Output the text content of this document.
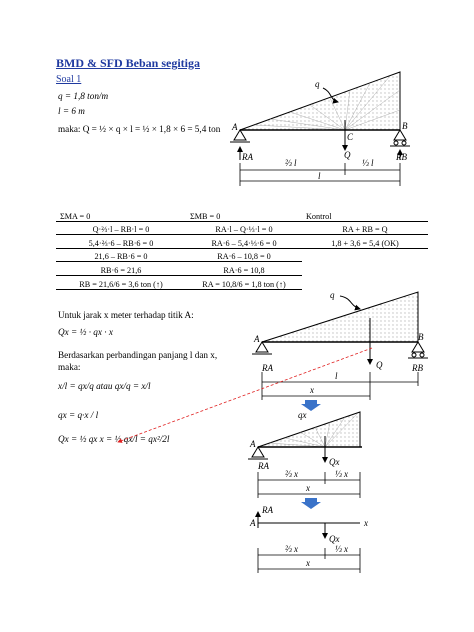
BMD & SFD Beban segitiga
Soal 1
q = 1,8 ton/m
l = 6 m
maka: Q = ½ × q × l = ½ × 1,8 × 6 = 5,4 ton
ΣMA = 0	ΣMB = 0	Kontrol
Q·⅔·l – RB·l = 0	RA·l – Q·⅓·l = 0	RA + RB = Q
5,4·⅔·6 – RB·6 = 0	RA·6 – 5,4·⅓·6 = 0	1,8 + 3,6 = 5,4 (OK)
21,6 – RB·6 = 0	RA·6 – 10,8 = 0	
RB·6 = 21,6	RA·6 = 10,8	
RB = 21,6/6 = 3,6 ton (↑)	RA = 10,8/6 = 1,8 ton (↑)	
Untuk jarak x meter terhadap titik A:
Qx = ½ · qx · x
Berdasarkan perbandingan panjang l dan x,
maka:
x/l = qx/q atau qx/q = x/l
qx = q·x / l
Qx = ½ qx x = ½ qx/l = qx²/2l
q
A	B
C
Q
RA	RB
⅔ l	⅓ l
l
q
A	B
Q
RA	RB
l
x
qx
A
Qx
RA
⅔ x	⅓ x
x
RA
A	x
Qx
⅔ x	⅓ x
x
